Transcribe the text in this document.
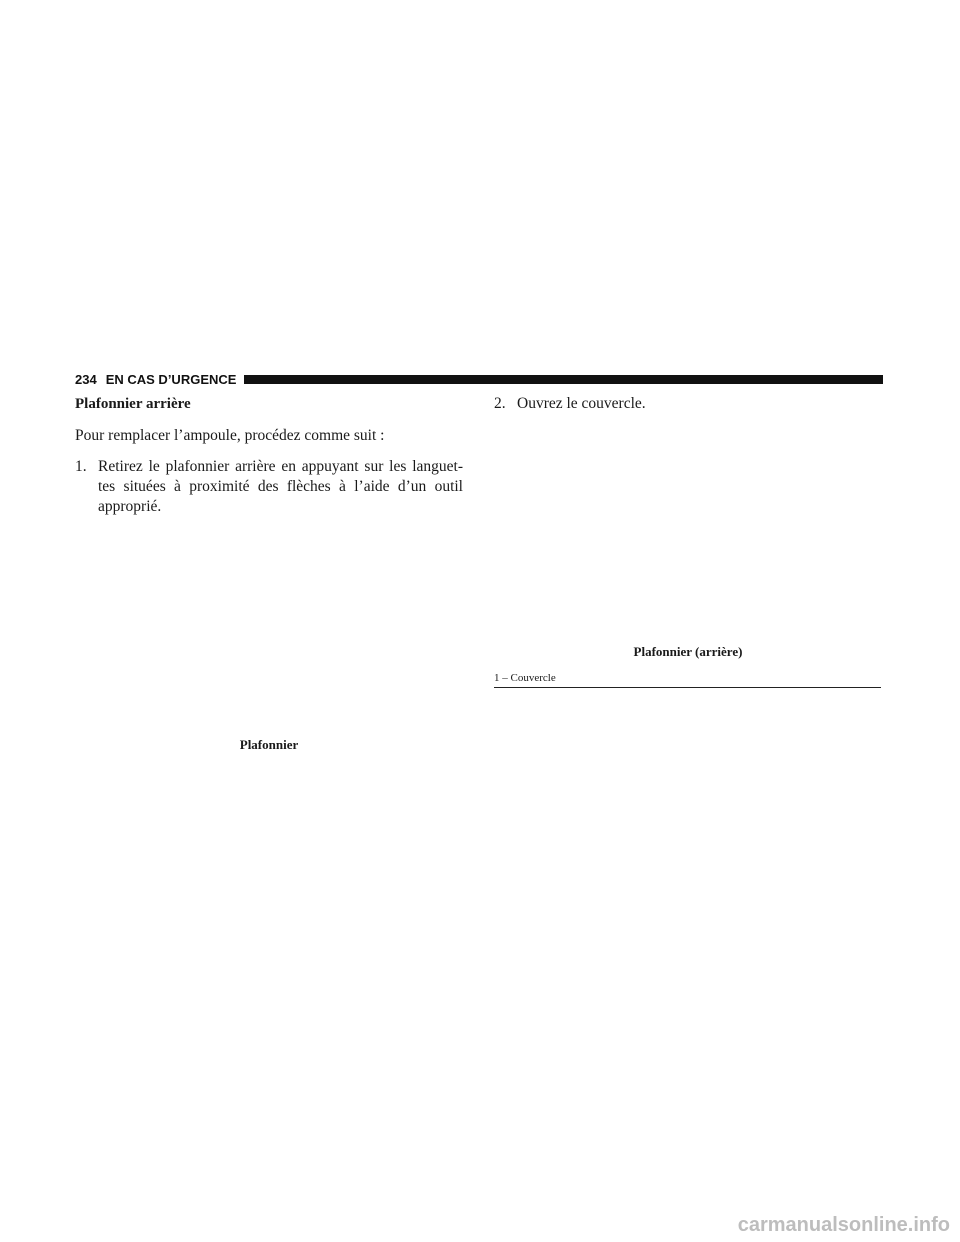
234 EN CAS D’URGENCE

Plafonnier arrière

Pour remplacer l’ampoule, procédez comme suit :

1. Retirez le plafonnier arrière en appuyant sur les languet- tes situées à proximité des flèches à l’aide d’un outil approprié.

Plafonnier

2. Ouvrez le couvercle.

Plafonnier (arrière)
1 – Couvercle
carmanualsonline.info
